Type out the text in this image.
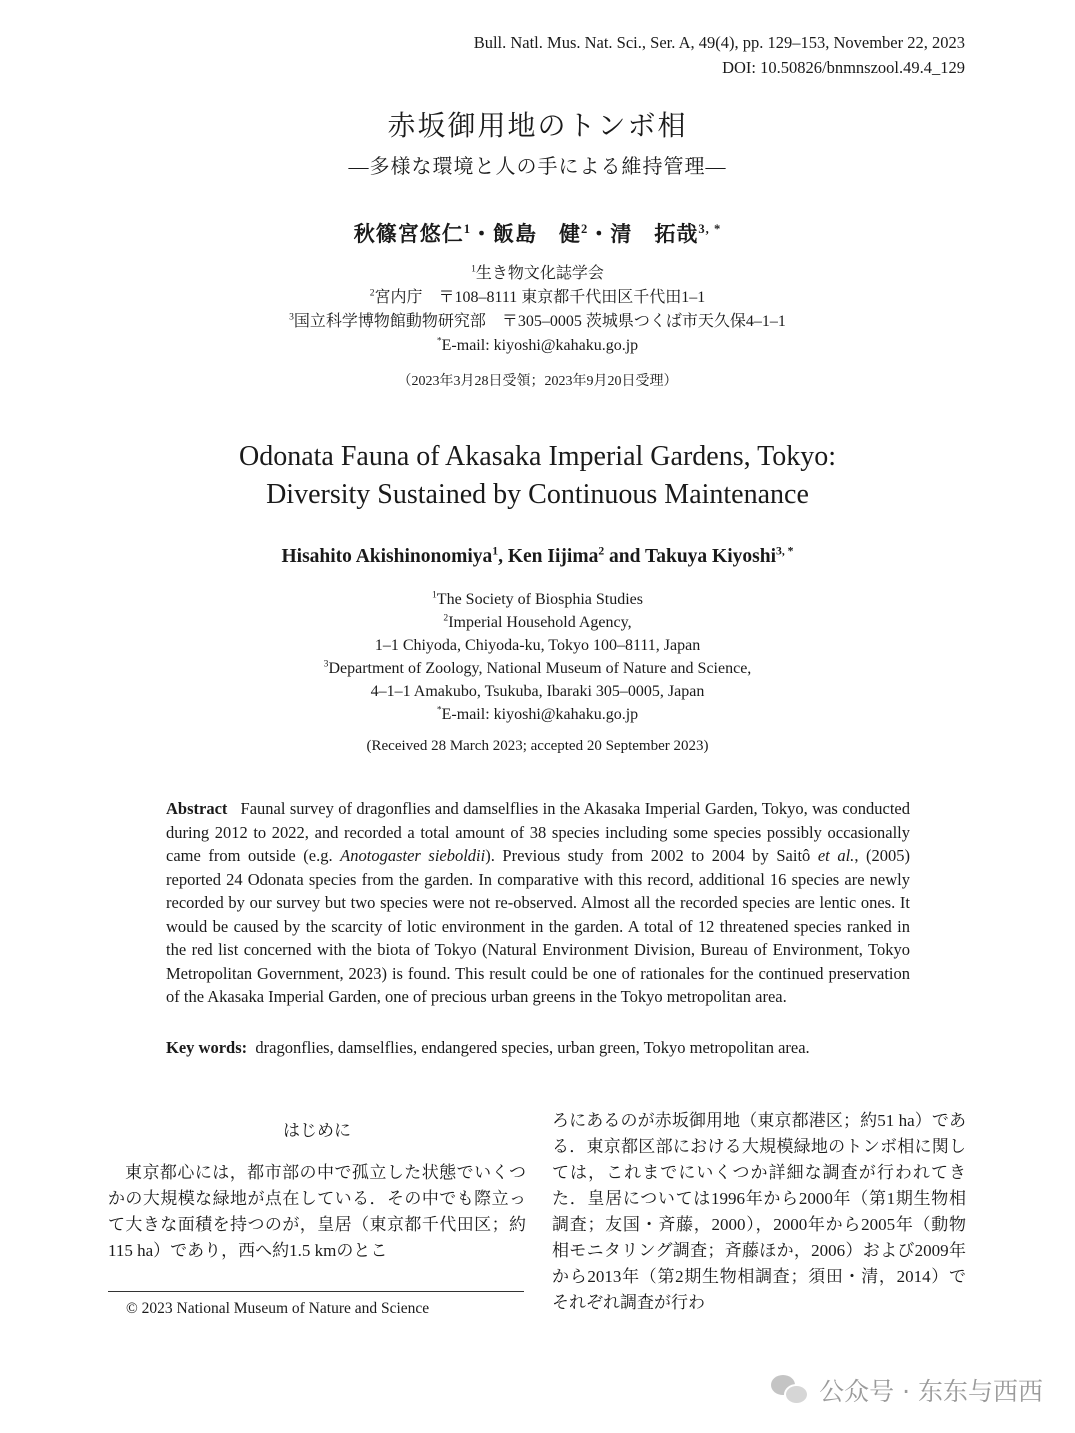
Bull. Natl. Mus. Nat. Sci., Ser. A, 49(4), pp. 129–153, November 22, 2023
DOI: 10.50826/bnmnszool.49.4_129
赤坂御用地のトンボ相
—多様な環境と人の手による維持管理—
秋篠宮悠仁$^1$・飯島　健$^2$・清　拓哉$^{3, *}$
$^1$生き物文化誌学会
$^2$宮内庁　〒108–8111 東京都千代田区千代田1–1
$^3$国立科学博物館動物研究部　〒305–0005 茨城県つくば市天久保4–1–1
*E-mail: kiyoshi@kahaku.go.jp
（2023年3月28日受領；2023年9月20日受理）
Odonata Fauna of Akasaka Imperial Gardens, Tokyo:
Diversity Sustained by Continuous Maintenance
Hisahito Akishinonomiya$^1$, Ken Iijima$^2$ and Takuya Kiyoshi$^{3, *}$
$^1$The Society of Biosphia Studies
$^2$Imperial Household Agency,
1–1 Chiyoda, Chiyoda-ku, Tokyo 100–8111, Japan
$^3$Department of Zoology, National Museum of Nature and Science,
4–1–1 Amakubo, Tsukuba, Ibaraki 305–0005, Japan
*E-mail: kiyoshi@kahaku.go.jp
(Received 28 March 2023; accepted 20 September 2023)
Abstract Faunal survey of dragonflies and damselflies in the Akasaka Imperial Garden, Tokyo, was conducted during 2012 to 2022, and recorded a total amount of 38 species including some species possibly occasionally came from outside (e.g. Anotogaster sieboldii). Previous study from 2002 to 2004 by Saitô et al., (2005) reported 24 Odonata species from the garden. In comparative with this record, additional 16 species are newly recorded by our survey but two species were not re-observed. Almost all the recorded species are lentic ones. It would be caused by the scarcity of lotic environment in the garden. A total of 12 threatened species ranked in the red list concerned with the biota of Tokyo (Natural Environment Division, Bureau of Environment, Tokyo Metropolitan Government, 2023) is found. This result could be one of rationales for the continued preservation of the Akasaka Imperial Garden, one of precious urban greens in the Tokyo metropolitan area.
Key words: dragonflies, damselflies, endangered species, urban green, Tokyo metropolitan area.
はじめに
東京都心には，都市部の中で孤立した状態でいくつかの大規模な緑地が点在している．その中でも際立って大きな面積を持つのが，皇居（東京都千代田区；約115 ha）であり，西へ約1.5 kmのとこ
ろにあるのが赤坂御用地（東京都港区；約51 ha）である．東京都区部における大規模緑地のトンボ相に関しては，これまでにいくつか詳細な調査が行われてきた．皇居については1996年から2000年（第1期生物相調査；友国・斉藤，2000），2000年から2005年（動物相モニタリング調査；斉藤ほか，2006）および2009年から2013年（第2期生物相調査；須田・清，2014）でそれぞれ調査が行わ
© 2023 National Museum of Nature and Science
公众号 · 东东与西西
